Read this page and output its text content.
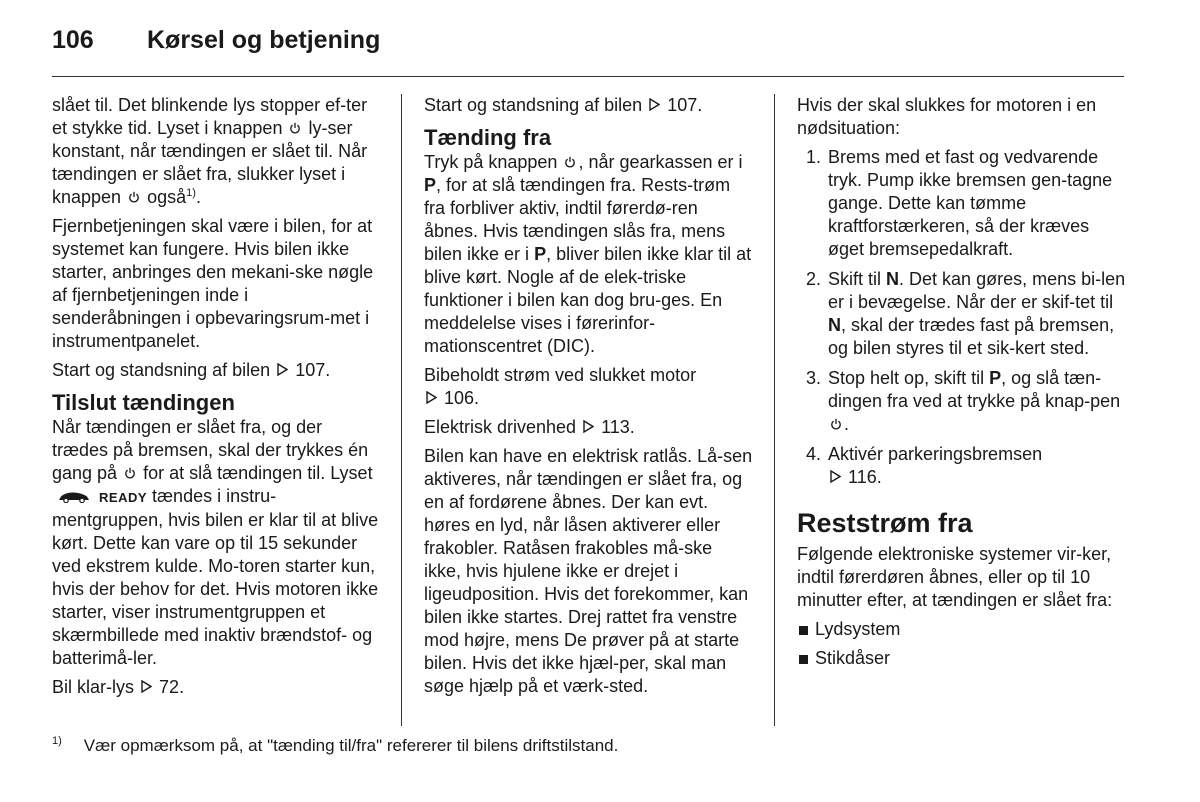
106 Kørsel og betjening

slået til. Det blinkende lys stopper ef-ter et stykke tid. Lyset i knappen ly-ser konstant, når tændingen er slået til. Når tændingen er slået fra, slukker lyset i knappen også$^{1)}$.

Fjernbetjeningen skal være i bilen, for at systemet kan fungere. Hvis bilen ikke starter, anbringes den mekani-ske nøgle af fjernbetjeningen inde i senderåbningen i opbevaringsrum-met i instrumentpanelet.

Start og standsning af bilen 107.

Tilslut tændingen

Når tændingen er slået fra, og der trædes på bremsen, skal der trykkes én gang på for at slå tændingen til. Lyset  READY tændes i instru-mentgruppen, hvis bilen er klar til at blive kørt. Dette kan vare op til 15 sekunder ved ekstrem kulde. Mo-toren starter kun, hvis der behov for det. Hvis motoren ikke starter, viser instrumentgruppen et skærmbillede med inaktiv brændstof- og batterimå-ler.

Bil klar-lys 72.

Start og standsning af bilen 107.

Tænding fra

Tryk på knappen , når gearkassen er i P, for at slå tændingen fra. Rests-trøm fra forbliver aktiv, indtil førerdø-ren åbnes. Hvis tændingen slås fra, mens bilen ikke er i P, bliver bilen ikke klar til at blive kørt. Nogle af de elek-triske funktioner i bilen kan dog bru-ges. En meddelelse vises i førerinfor-mationscentret (DIC).

Bibeholdt strøm ved slukket motor
106.

Elektrisk drivenhed 113.

Bilen kan have en elektrisk ratlås. Lå-sen aktiveres, når tændingen er slået fra, og en af fordørene åbnes. Der kan evt. høres en lyd, når låsen aktiverer eller frakobler. Ratåsen frakobles må-ske ikke, hvis hjulene ikke er drejet i ligeudposition. Hvis det forekommer, kan bilen ikke startes. Drej rattet fra venstre mod højre, mens De prøver på at starte bilen. Hvis det ikke hjæl-per, skal man søge hjælp på et værk-sted.

Hvis der skal slukkes for motoren i en nødsituation:

1. Brems med et fast og vedvarende tryk. Pump ikke bremsen gen-tagne gange. Dette kan tømme kraftforstærkeren, så der kræves øget bremsepedalkraft.
2. Skift til N. Det kan gøres, mens bi-len er i bevægelse. Når der er skif-tet til N, skal der trædes fast på bremsen, og bilen styres til et sik-kert sted.
3. Stop helt op, skift til P, og slå tæn-dingen fra ved at trykke på knap-pen .
4. Aktivér parkeringsbremsen
116.
Reststrøm fra

Følgende elektroniske systemer vir-ker, indtil førerdøren åbnes, eller op til 10 minutter efter, at tændingen er slået fra:

Lydsystem
Stikdåser
$^{1)}$ Vær opmærksom på, at "tænding til/fra" refererer til bilens driftstilstand.
